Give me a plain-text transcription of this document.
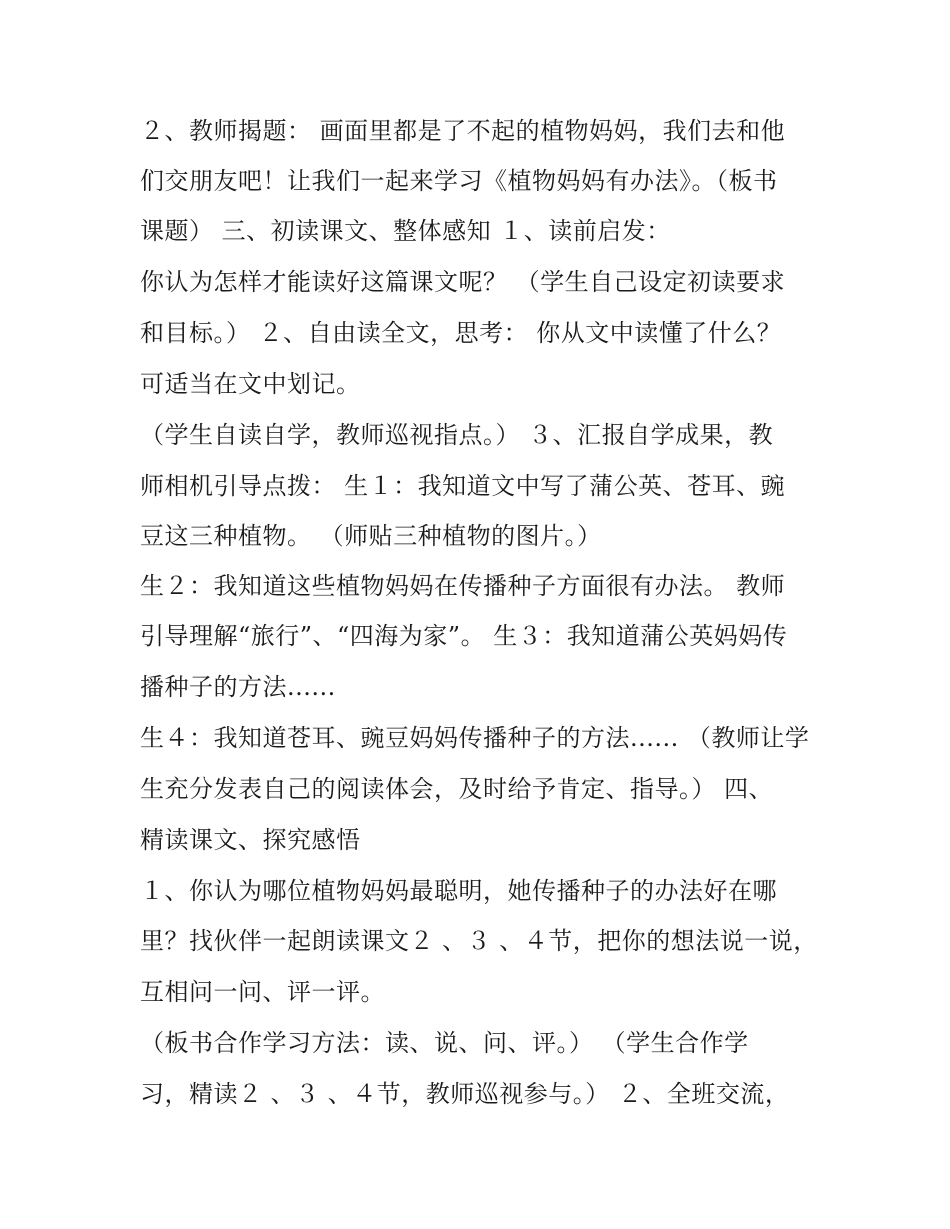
２、教师揭题： 画面里都是了不起的植物妈妈，我们去和他
们交朋友吧！让我们一起来学习《植物妈妈有办法》。（板书
课题） 三、初读课文、整体感知 １、读前启发：
你认为怎样才能读好这篇课文呢？ （学生自己设定初读要求
和目标。） ２、自由读全文，思考： 你从文中读懂了什么？
可适当在文中划记。
（学生自读自学，教师巡视指点。） ３、汇报自学成果，教
师相机引导点拨： 生１：我知道文中写了蒲公英、苍耳、豌
豆这三种植物。 （师贴三种植物的图片。）
生２：我知道这些植物妈妈在传播种子方面很有办法。 教师
引导理解“旅行”、“四海为家”。 生３：我知道蒲公英妈妈传
播种子的方法......
生４：我知道苍耳、豌豆妈妈传播种子的方法...... （教师让学
生充分发表自己的阅读体会，及时给予肯定、指导。） 四、
精读课文、探究感悟
１、你认为哪位植物妈妈最聪明，她传播种子的办法好在哪
里？找伙伴一起朗读课文２ 、３ 、４节，把你的想法说一说，
互相问一问、评一评。
（板书合作学习方法：读、说、问、评。） （学生合作学
习，精读２ 、３ 、４节，教师巡视参与。） ２、全班交流，
